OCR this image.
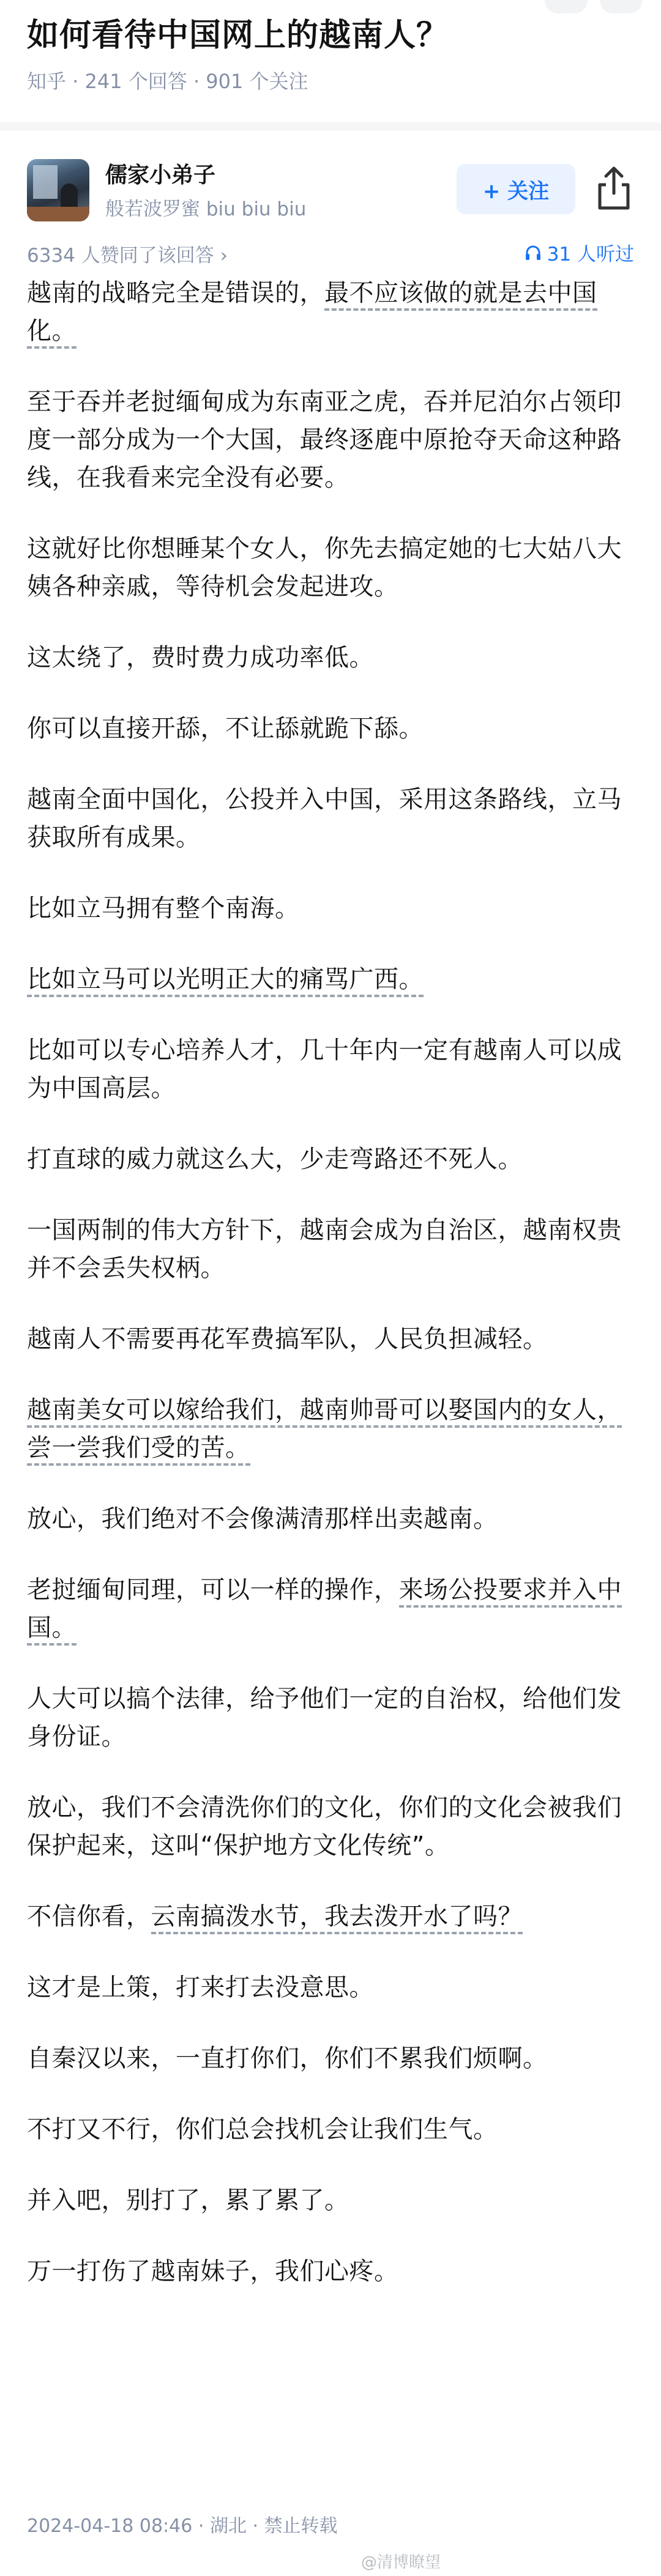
如何看待中国网上的越南人？
知乎 · 241 个回答 · 901 个关注
儒家小弟子
般若波罗蜜 biu biu biu
+ 关注
6334 人赞同了该回答 ›	31 人听过

越南的战略完全是错误的，最不应该做的就是去中国化。

至于吞并老挝缅甸成为东南亚之虎，吞并尼泊尔占领印度一部分成为一个大国，最终逐鹿中原抢夺天命这种路线，在我看来完全没有必要。

这就好比你想睡某个女人，你先去搞定她的七大姑八大姨各种亲戚，等待机会发起进攻。

这太绕了，费时费力成功率低。

你可以直接开舔，不让舔就跪下舔。

越南全面中国化，公投并入中国，采用这条路线，立马获取所有成果。

比如立马拥有整个南海。

比如立马可以光明正大的痛骂广西。

比如可以专心培养人才，几十年内一定有越南人可以成为中国高层。

打直球的威力就这么大，少走弯路还不死人。

一国两制的伟大方针下，越南会成为自治区，越南权贵并不会丢失权柄。

越南人不需要再花军费搞军队，人民负担减轻。

越南美女可以嫁给我们，越南帅哥可以娶国内的女人，尝一尝我们受的苦。

放心，我们绝对不会像满清那样出卖越南。

老挝缅甸同理，可以一样的操作，来场公投要求并入中国。

人大可以搞个法律，给予他们一定的自治权，给他们发身份证。

放心，我们不会清洗你们的文化，你们的文化会被我们保护起来，这叫“保护地方文化传统”。

不信你看，云南搞泼水节，我去泼开水了吗？

这才是上策，打来打去没意思。

自秦汉以来，一直打你们，你们不累我们烦啊。

不打又不行，你们总会找机会让我们生气。

并入吧，别打了，累了累了。

万一打伤了越南妹子，我们心疼。

2024-04-18 08:46 · 湖北 · 禁止转载
@清博瞭望
